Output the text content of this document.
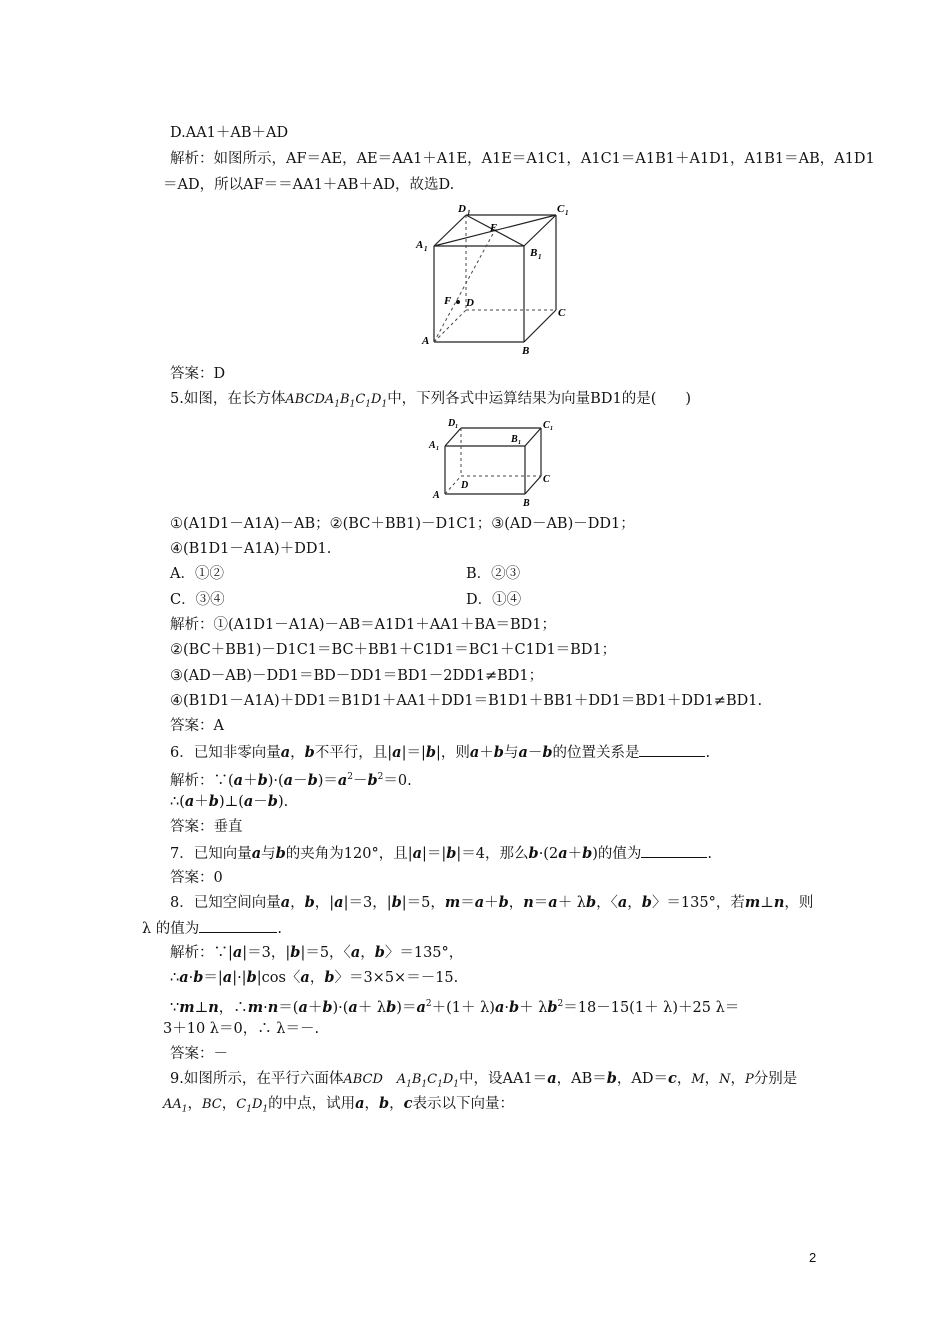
D.AA1＋AB＋AD
解析：如图所示，AF＝AE，AE＝AA1＋A1E，A1E＝A1C1，A1C1＝A1B1＋A1D1，A1B1＝AB，A1D1
＝AD，所以AF＝＝AA1＋AB＋AD，故选D.
D 1	C 1
A 1
E
B 1
F D
C
A
B
答案：D
5.如图，在长方体$ABCDA_1B_1C_1D_1$中，下列各式中运算结果为向量BD1的是(　　)
D 1	C 1
A 1
B 1
D
C
A
B
①(A1D1－A1A)－AB；②(BC＋BB1)－D1C1；③(AD－AB)－DD1；
④(B1D1－A1A)＋DD1.
A．①②	B．②③
C．③④	D．①④
解析：①(A1D1－A1A)－AB＝A1D1＋AA1＋BA＝BD1；
②(BC＋BB1)－D1C1＝BC＋BB1＋C1D1＝BC1＋C1D1＝BD1；
③(AD－AB)－DD1＝BD－DD1＝BD1－2DD1≠BD1；
④(B1D1－A1A)＋DD1＝B1D1＋AA1＋DD1＝B1D1＋BB1＋DD1＝BD1＋DD1≠BD1.
答案：A
6．已知非零向量a，b不平行，且|a|＝|b|，则a＋b与a－b的位置关系是	.
解析：$\because(a+b)\cdot(a-b)=a^2-b^2=0$.
∴(a＋b)⊥(a－b).
答案：垂直
7．已知向量a与b的夹角为120°，且|a|＝|b|＝4，那么b·(2a＋b)的值为	.
答案：0
8．已知空间向量a，b，|a|＝3，|b|＝5，m＝a＋b，n＝a＋ λb，〈a，b〉＝135°，若m⊥n，则
λ 的值为	.
解析：∵|a|＝3，|b|＝5，〈a，b〉＝135°，
∴a·b＝|a|·|b|cos〈a，b〉＝3×5×＝－15.
∵m⊥n，∴m·n＝(a＋b)·(a＋ $\lambda b)=a^2+(1+ \lambda)a\cdot b+ \lambda b^2=18-15(1+ \lambda)+25$ λ＝
3＋10 λ＝0，∴ λ＝－.
答案：－
9.如图所示，在平行六面体ABCD $A_1B_1C_1D_1$中，设AA1＝a，AB＝b，AD＝c，M，N，P分别是
$AA_1$，BC，$C_1D_1$的中点，试用a，b，c表示以下向量：
2
